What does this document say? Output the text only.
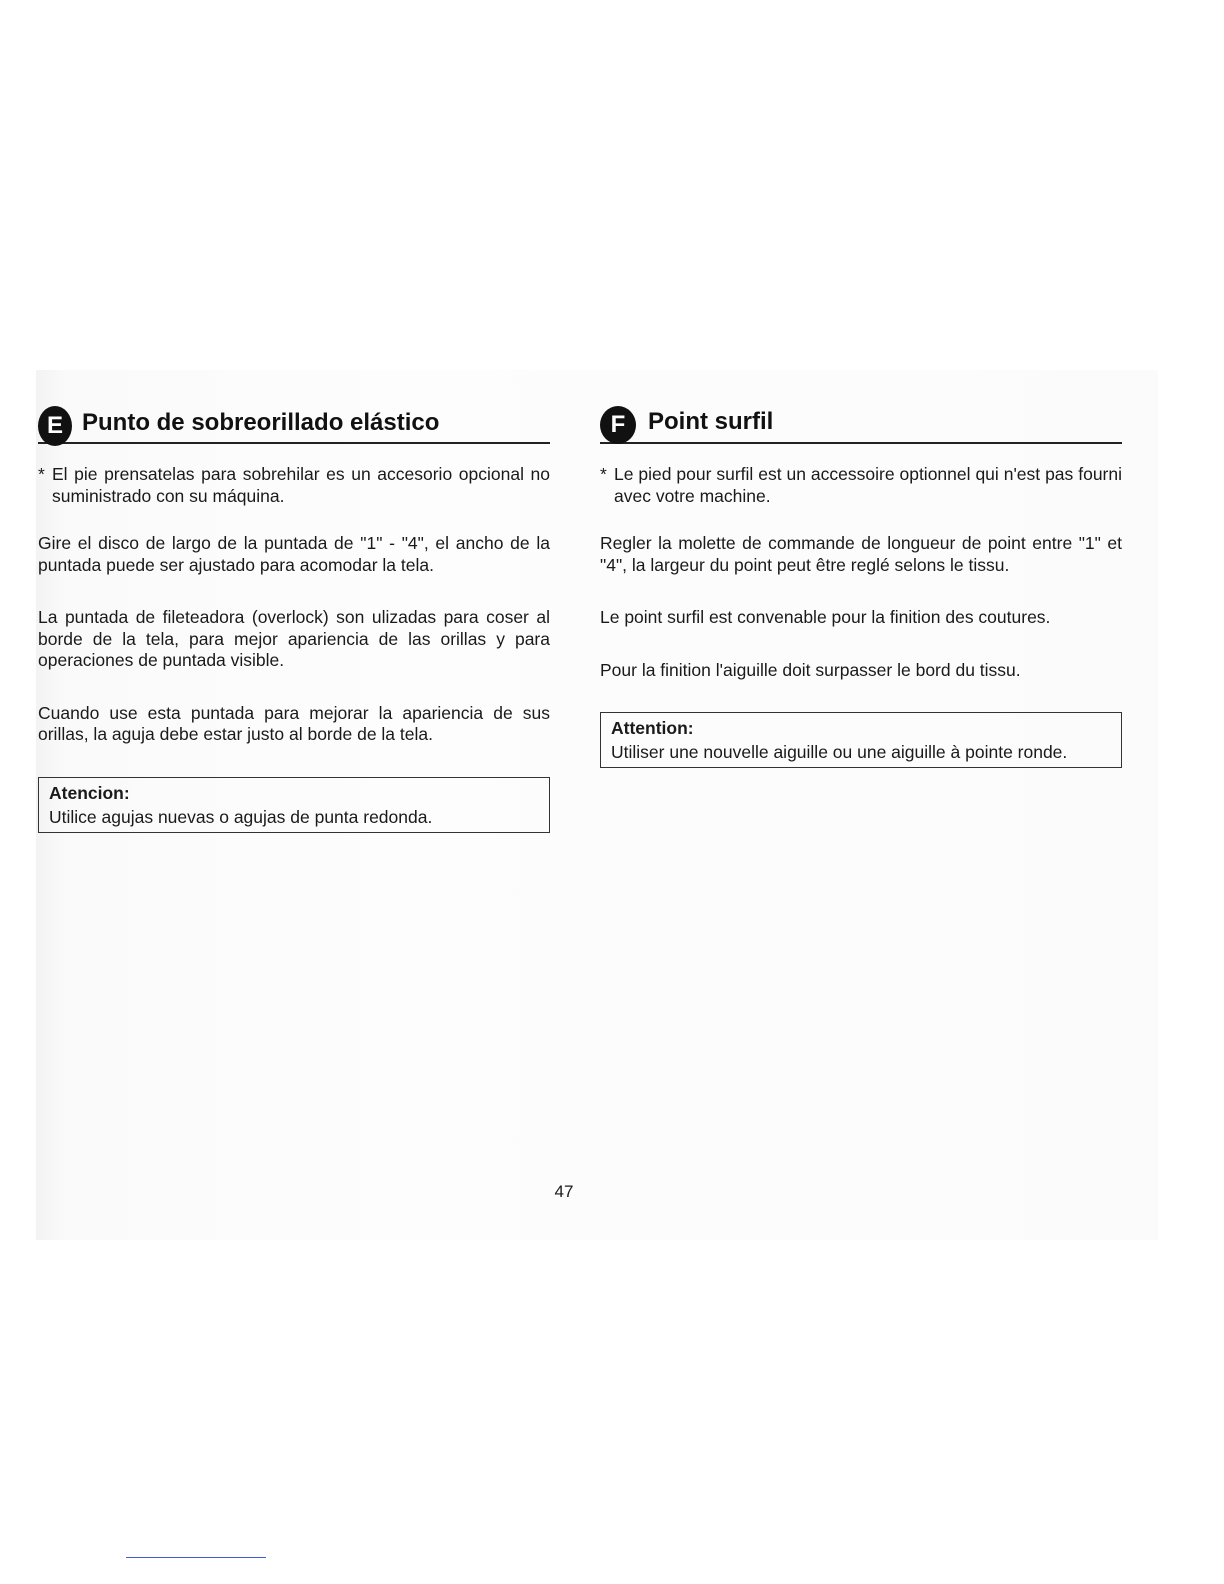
E Punto de sobreorillado elástico
* El pie prensatelas para sobrehilar es un accesorio opcional no suministrado con su máquina.

Gire el disco de largo de la puntada de "1" - "4", el ancho de la puntada puede ser ajustado para acomodar la tela.

La puntada de fileteadora (overlock) son ulizadas para coser al borde de la tela, para mejor apariencia de las orillas y para operaciones de puntada visible.

Cuando use esta puntada para mejorar la apariencia de sus orillas, la aguja debe estar justo al borde de la tela.

Atencion:

Utilice agujas nuevas o agujas de punta redonda.

F Point surfil
* Le pied pour surfil est un accessoire optionnel qui n'est pas fourni avec votre machine.

Regler la molette de commande de longueur de point entre "1" et "4", la largeur du point peut être reglé selons le tissu.

Le point surfil est convenable pour la finition des coutures.

Pour la finition l'aiguille doit surpasser le bord du tissu.

Attention:

Utiliser une nouvelle aiguille ou une aiguille à pointe ronde.

47
